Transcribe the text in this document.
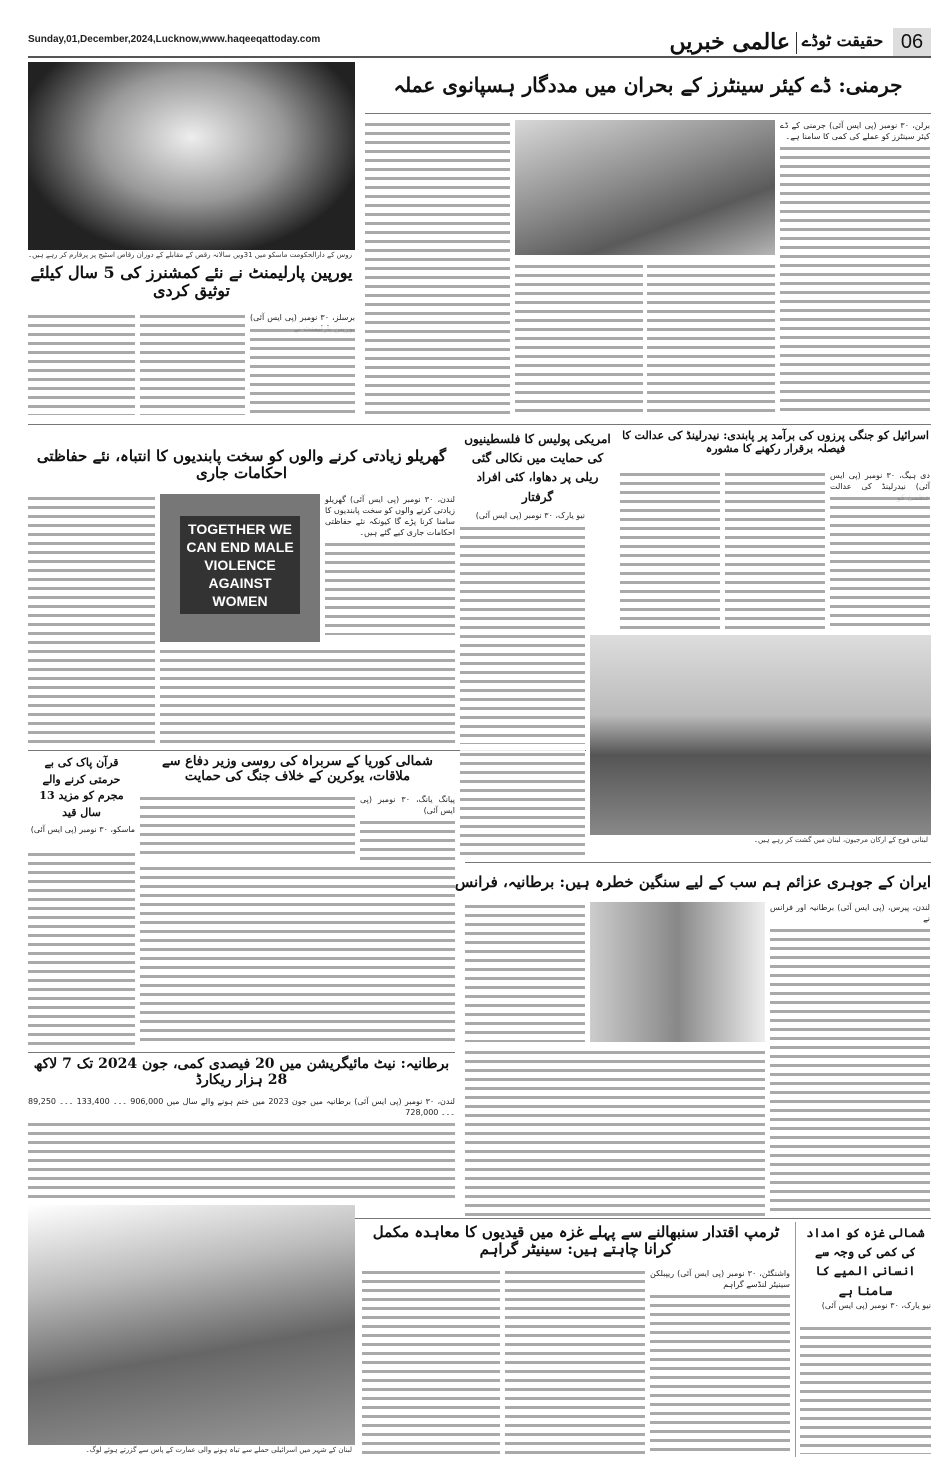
06
حقیقت ٹوڈے
عالمی خبریں
Sunday,01,December,2024,Lucknow,www.haqeeqattoday.com
روس کے دارالحکومت ماسکو میں 31ویں سالانہ رقص کے مقابلے کے دوران رقاص اسٹیج پر پرفارم کر رہے ہیں۔
جرمنی: ڈے کیئر سینٹرز کے بحران میں مددگار ہسپانوی عملہ
برلن، ۳۰ نومبر (پی ایس آئی) جرمنی کے ڈے کیئر سینٹرز کو عملے کی کمی کا سامنا ہے۔
یورپین پارلیمنٹ نے نئے کمشنرز کی 5 سال کیلئے توثیق کردی
برسلز، ۳۰ نومبر (پی ایس آئی)
اسرائیل کو جنگی پرزوں کی برآمد پر پابندی: نیدرلینڈ کی عدالت کا فیصلہ برقرار رکھنے کا مشورہ
دی ہیگ، ۳۰ نومبر (پی ایس آئی) نیدرلینڈ کی عدالت
امریکی پولیس کا فلسطینیوں کی حمایت میں نکالی گئی ریلی پر دھاوا، کئی افراد گرفتار
نیو یارک، ۳۰ نومبر (پی ایس آئی)
لبنانی فوج کے ارکان مرجیون، لبنان میں گشت کر رہے ہیں۔
گھریلو زیادتی کرنے والوں کو سخت پابندیوں کا انتباہ، نئے حفاظتی احکامات جاری
لندن، ۳۰ نومبر (پی ایس آئی) گھریلو زیادتی کرنے والوں کو سخت پابندیوں کا سامنا کرنا پڑے گا کیونکہ نئے حفاظتی احکامات جاری کیے گئے ہیں۔
TOGETHER WE CAN END MALE VIOLENCE AGAINST WOMEN
شمالی کوریا کے سربراہ کی روسی وزیر دفاع سے ملاقات، یوکرین کے خلاف جنگ کی حمایت
پیانگ یانگ، ۳۰ نومبر (پی ایس آئی)
قرآن پاک کی بے حرمتی کرنے والے مجرم کو مزید 13 سال قید
ماسکو، ۳۰ نومبر (پی ایس آئی)
ایران کے جوہری عزائم ہم سب کے لیے سنگین خطرہ ہیں: برطانیہ، فرانس
لندن، پیرس، (پی ایس آئی) برطانیہ اور فرانس نے
برطانیہ: نیٹ مائیگریشن میں 20 فیصدی کمی، جون 2024 تک 7 لاکھ 28 ہزار ریکارڈ
لندن، ۳۰ نومبر (پی ایس آئی) برطانیہ میں جون 2023 میں ختم ہونے والے سال میں 906,000 ۔۔۔ 133,400 ۔۔۔ 89,250 ۔۔۔ 728,000
لبنان کے شہر میں اسرائیلی حملے سے تباہ ہونے والی عمارت کے پاس سے گزرتے ہوئے لوگ۔
ٹرمپ اقتدار سنبھالنے سے پہلے غزہ میں قیدیوں کا معاہدہ مکمل کرانا چاہتے ہیں: سینیٹر گراہم
واشنگٹن، ۳۰ نومبر (پی ایس آئی) ریپبلکن سینیٹر لنڈسے گراہم
شمالی غزہ کو امداد کی کمی کی وجہ سے انسانی المیے کا سامنا ہے
نیو یارک، ۳۰ نومبر (پی ایس آئی)
